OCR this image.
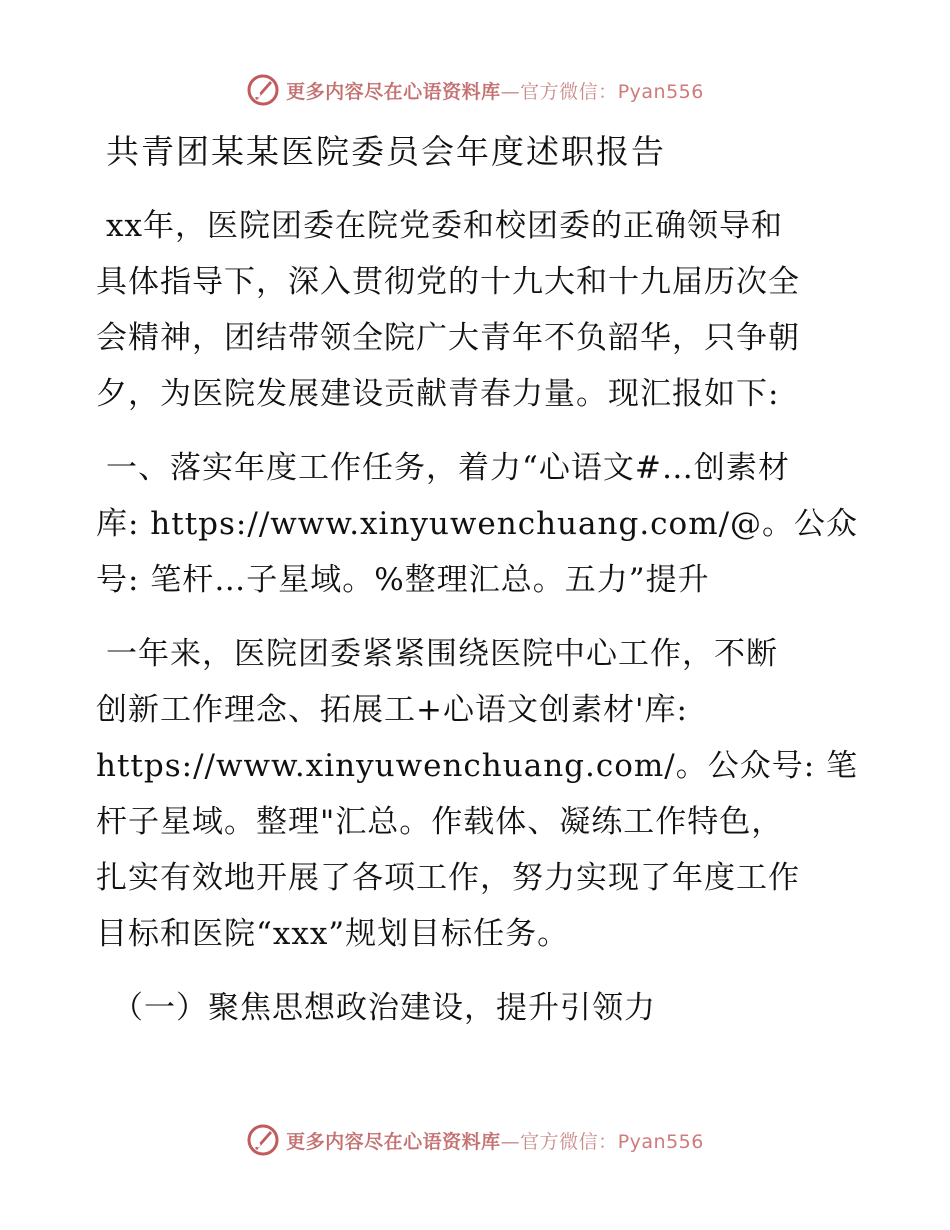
更多内容尽在心语资料库—官方微信：Pyan556
共青团某某医院委员会年度述职报告
xx年，医院团委在院党委和校团委的正确领导和
具体指导下，深入贯彻党的十九大和十九届历次全
会精神，团结带领全院广大青年不负韶华，只争朝
夕，为医院发展建设贡献青春力量。现汇报如下:
一、落实年度工作任务，着力“心语文#…创素材
库: https://www.xinyuwenchuang.com/@。公众
号: 笔杆…子星域。%整理汇总。五力”提升
一年来，医院团委紧紧围绕医院中心工作，不断
创新工作理念、拓展工+心语文创素材'库:
https://www.xinyuwenchuang.com/。公众号: 笔
杆子星域。整理"汇总。作载体、凝练工作特色，
扎实有效地开展了各项工作，努力实现了年度工作
目标和医院“xxx”规划目标任务。
（一）聚焦思想政治建设，提升引领力
更多内容尽在心语资料库—官方微信：Pyan556
